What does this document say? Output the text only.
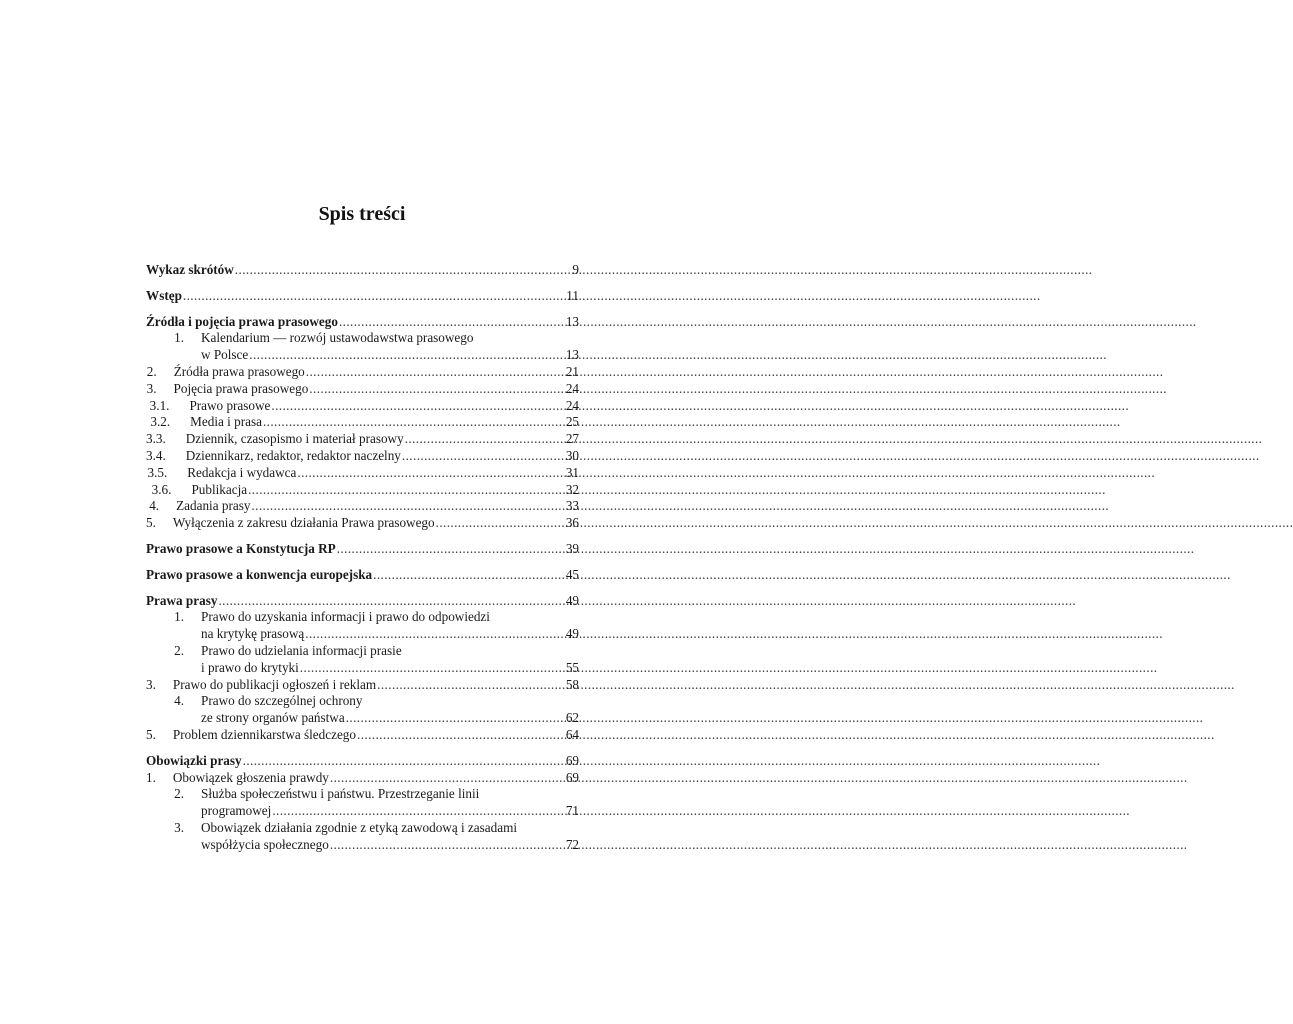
Spis treści
Wykaz skrótów .....	9
Wstęp .....	11
Źródła i pojęcia prawa prasowego .....	13
1.	Kalendarium — rozwój ustawodawstwa prasowego
w Polsce .....	13
2.	Źródła prawa prasowego .....	21
3.	Pojęcia prawa prasowego .....	24
3.1.	Prawo prasowe .....	24
3.2.	Media i prasa .....	25
3.3.	Dziennik, czasopismo i materiał prasowy .....	27
3.4.	Dziennikarz, redaktor, redaktor naczelny .....	30
3.5.	Redakcja i wydawca .....	31
3.6.	Publikacja .....	32
4.	Zadania prasy .....	33
5.	Wyłączenia z zakresu działania Prawa prasowego .....	36
Prawo prasowe a Konstytucja RP .....	39
Prawo prasowe a konwencja europejska .....	45
Prawa prasy .....	49
1.	Prawo do uzyskania informacji i prawo do odpowiedzi
na krytykę prasową .....	49
2.	Prawo do udzielania informacji prasie
i prawo do krytyki .....	55
3.	Prawo do publikacji ogłoszeń i reklam .....	58
4.	Prawo do szczególnej ochrony
ze strony organów państwa .....	62
5.	Problem dziennikarstwa śledczego .....	64
Obowiązki prasy .....	69
1.	Obowiązek głoszenia prawdy .....	69
2.	Służba społeczeństwu i państwu. Przestrzeganie linii
programowej .....	71
3.	Obowiązek działania zgodnie z etyką zawodową i zasadami
współżycia społecznego .....	72
